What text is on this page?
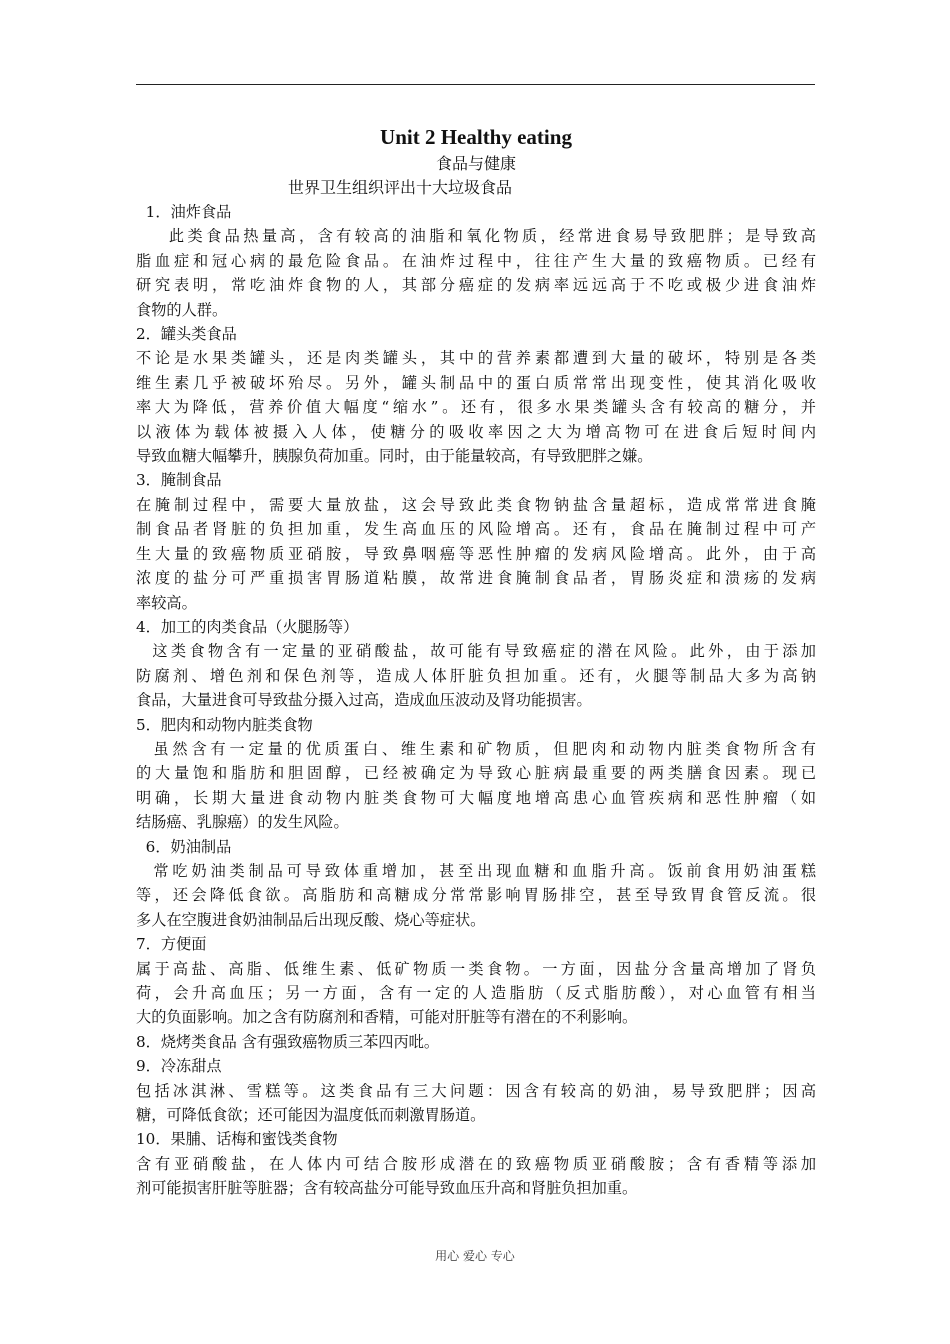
Unit 2 Healthy eating

食品与健康

世界卫生组织评出十大垃圾食品

1．油炸食品

此类食品热量高，含有较高的油脂和氧化物质，经常进食易导致肥胖；是导致高

脂血症和冠心病的最危险食品。在油炸过程中，往往产生大量的致癌物质。已经有

研究表明，常吃油炸食物的人，其部分癌症的发病率远远高于不吃或极少进食油炸

食物的人群。

2．罐头类食品

不论是水果类罐头，还是肉类罐头，其中的营养素都遭到大量的破坏，特别是各类

维生素几乎被破坏殆尽。另外，罐头制品中的蛋白质常常出现变性，使其消化吸收

率大为降低，营养价值大幅度“缩水”。还有，很多水果类罐头含有较高的糖分，并

以液体为载体被摄入人体，使糖分的吸收率因之大为增高物可在进食后短时间内

导致血糖大幅攀升，胰腺负荷加重。同时，由于能量较高，有导致肥胖之嫌。

3．腌制食品

在腌制过程中，需要大量放盐，这会导致此类食物钠盐含量超标，造成常常进食腌

制食品者肾脏的负担加重，发生高血压的风险增高。还有，食品在腌制过程中可产

生大量的致癌物质亚硝胺，导致鼻咽癌等恶性肿瘤的发病风险增高。此外，由于高

浓度的盐分可严重损害胃肠道粘膜，故常进食腌制食品者，胃肠炎症和溃疡的发病

率较高。

4．加工的肉类食品（火腿肠等）

这类食物含有一定量的亚硝酸盐，故可能有导致癌症的潜在风险。此外，由于添加

防腐剂、增色剂和保色剂等，造成人体肝脏负担加重。还有，火腿等制品大多为高钠

食品，大量进食可导致盐分摄入过高，造成血压波动及肾功能损害。

5．肥肉和动物内脏类食物

虽然含有一定量的优质蛋白、维生素和矿物质，但肥肉和动物内脏类食物所含有

的大量饱和脂肪和胆固醇，已经被确定为导致心脏病最重要的两类膳食因素。现已

明确，长期大量进食动物内脏类食物可大幅度地增高患心血管疾病和恶性肿瘤（如

结肠癌、乳腺癌）的发生风险。

6．奶油制品

常吃奶油类制品可导致体重增加，甚至出现血糖和血脂升高。饭前食用奶油蛋糕

等，还会降低食欲。高脂肪和高糖成分常常影响胃肠排空，甚至导致胃食管反流。很

多人在空腹进食奶油制品后出现反酸、烧心等症状。

7．方便面

属于高盐、高脂、低维生素、低矿物质一类食物。一方面，因盐分含量高增加了肾负

荷，会升高血压；另一方面，含有一定的人造脂肪（反式脂肪酸），对心血管有相当

大的负面影响。加之含有防腐剂和香精，可能对肝脏等有潜在的不利影响。

8．烧烤类食品 含有强致癌物质三苯四丙吡。

9．冷冻甜点

包括冰淇淋、雪糕等。这类食品有三大问题：因含有较高的奶油，易导致肥胖；因高

糖，可降低食欲；还可能因为温度低而刺激胃肠道。

10．果脯、话梅和蜜饯类食物

含有亚硝酸盐，在人体内可结合胺形成潜在的致癌物质亚硝酸胺；含有香精等添加

剂可能损害肝脏等脏器；含有较高盐分可能导致血压升高和肾脏负担加重。

用心 爱心 专心
